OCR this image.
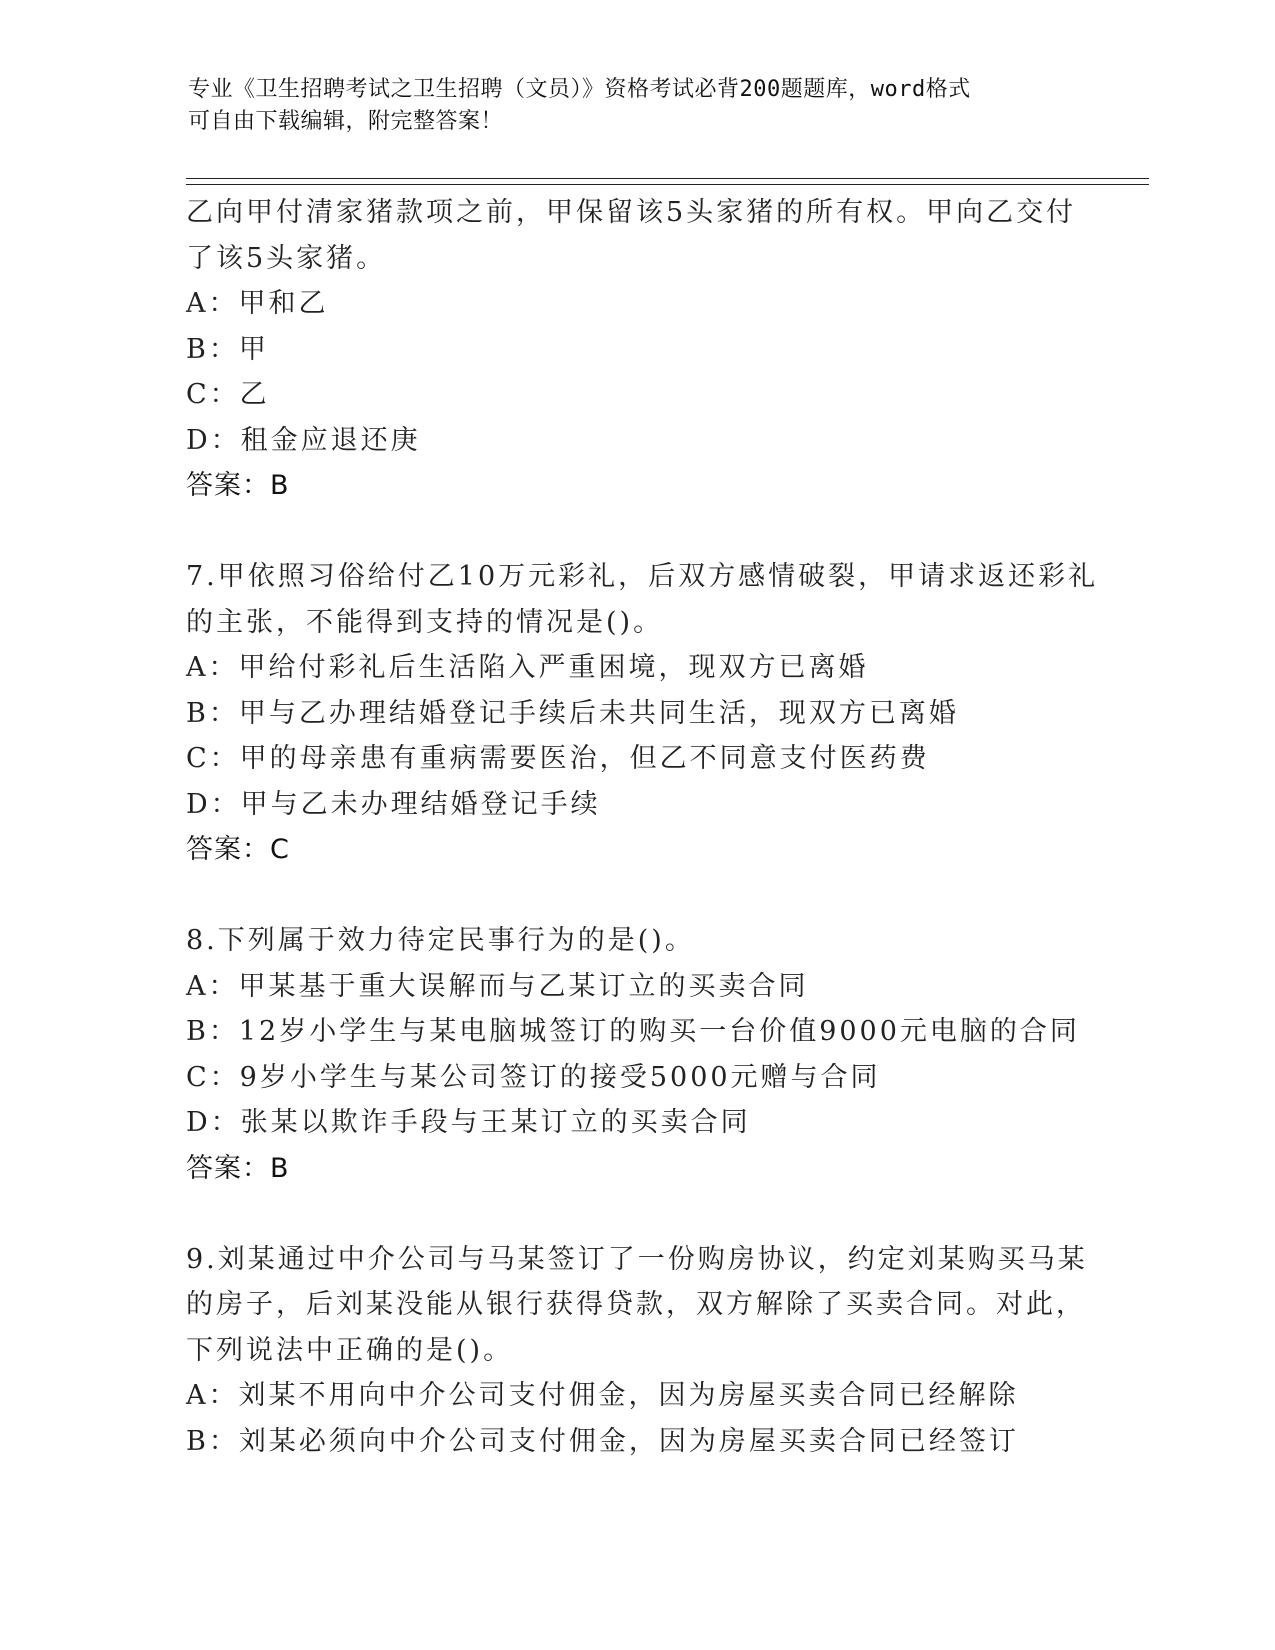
专业《卫生招聘考试之卫生招聘（文员）》资格考试必背200题题库，word格式
可自由下载编辑，附完整答案！
乙向甲付清家猪款项之前，甲保留该5头家猪的所有权。甲向乙交付
了该5头家猪。
A：甲和乙
B：甲
C：乙
D：租金应退还庚
答案：B
7.甲依照习俗给付乙10万元彩礼，后双方感情破裂，甲请求返还彩礼
的主张，不能得到支持的情况是()。
A：甲给付彩礼后生活陷入严重困境，现双方已离婚
B：甲与乙办理结婚登记手续后未共同生活，现双方已离婚
C：甲的母亲患有重病需要医治，但乙不同意支付医药费
D：甲与乙未办理结婚登记手续
答案：C
8.下列属于效力待定民事行为的是()。
A：甲某基于重大误解而与乙某订立的买卖合同
B：12岁小学生与某电脑城签订的购买一台价值9000元电脑的合同
C：9岁小学生与某公司签订的接受5000元赠与合同
D：张某以欺诈手段与王某订立的买卖合同
答案：B
9.刘某通过中介公司与马某签订了一份购房协议，约定刘某购买马某
的房子，后刘某没能从银行获得贷款，双方解除了买卖合同。对此，
下列说法中正确的是()。
A：刘某不用向中介公司支付佣金，因为房屋买卖合同已经解除
B：刘某必须向中介公司支付佣金，因为房屋买卖合同已经签订
